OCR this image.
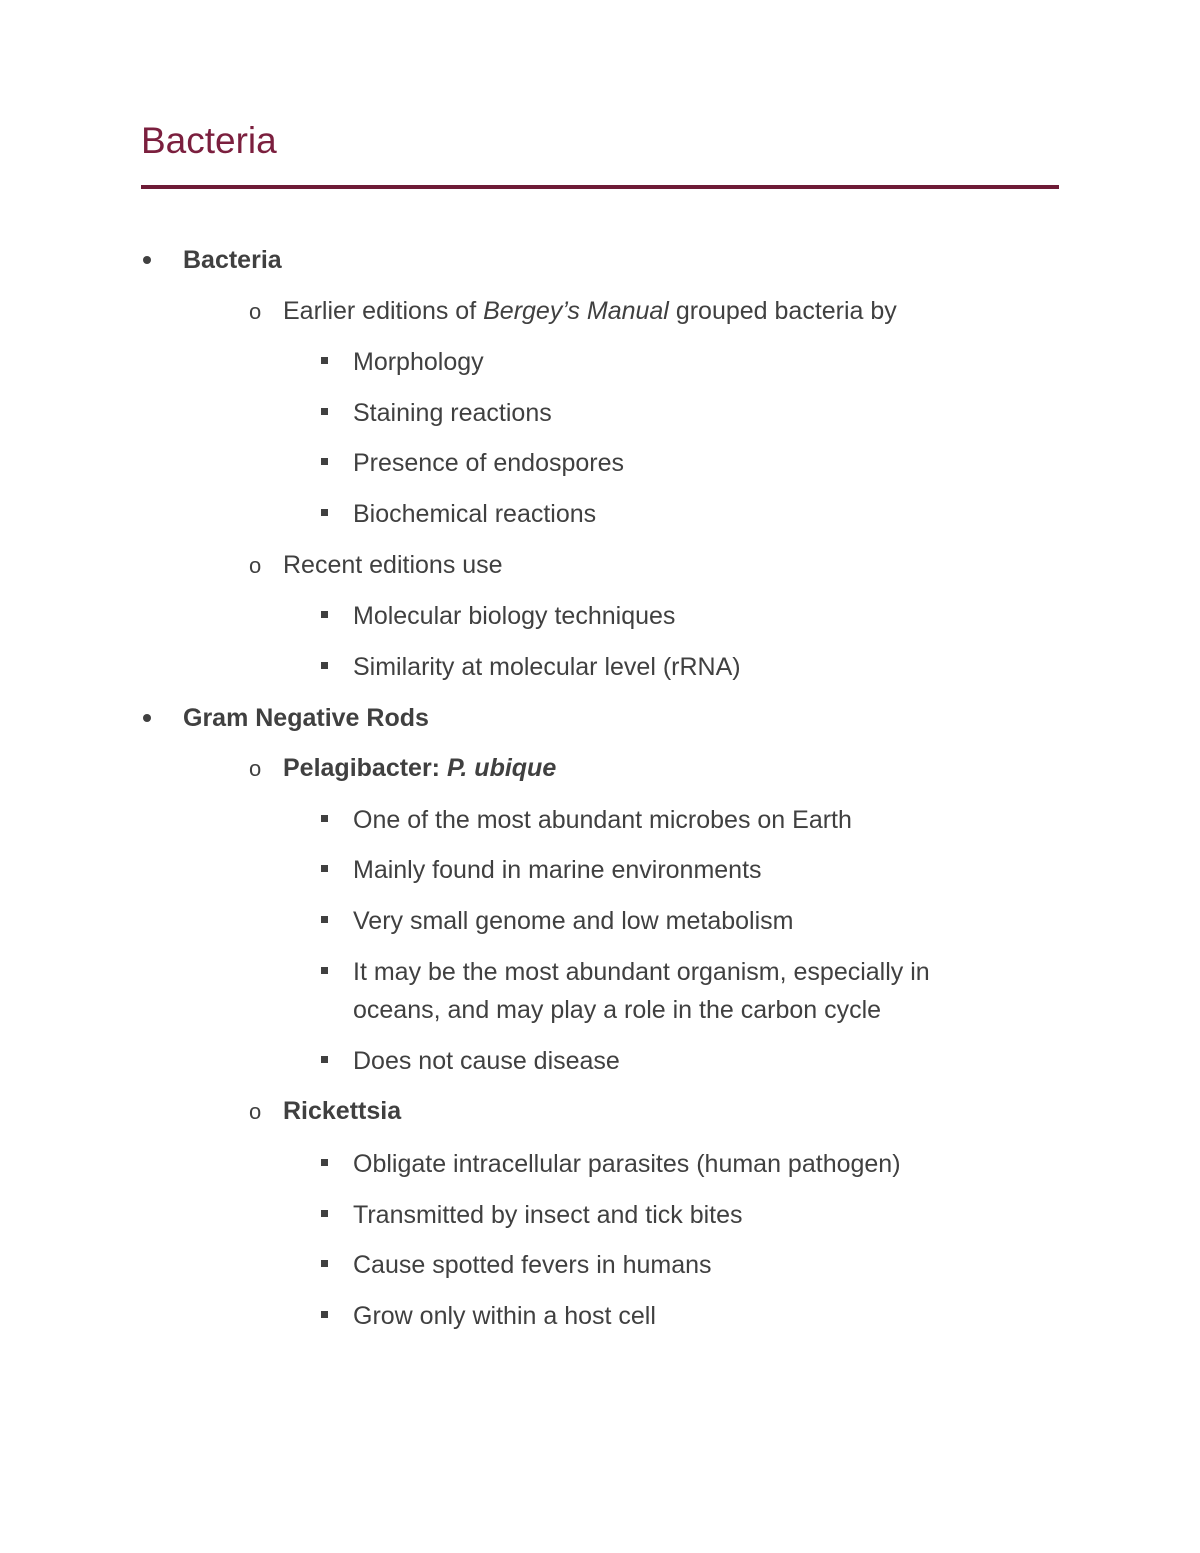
Bacteria
Bacteria
o Earlier editions of Bergey’s Manual grouped bacteria by
Morphology
Staining reactions
Presence of endospores
Biochemical reactions
o Recent editions use
Molecular biology techniques
Similarity at molecular level (rRNA)
Gram Negative Rods
o Pelagibacter: P. ubique
One of the most abundant microbes on Earth
Mainly found in marine environments
Very small genome and low metabolism
It may be the most abundant organism, especially in
oceans, and may play a role in the carbon cycle
Does not cause disease
o Rickettsia
Obligate intracellular parasites (human pathogen)
Transmitted by insect and tick bites
Cause spotted fevers in humans
Grow only within a host cell
